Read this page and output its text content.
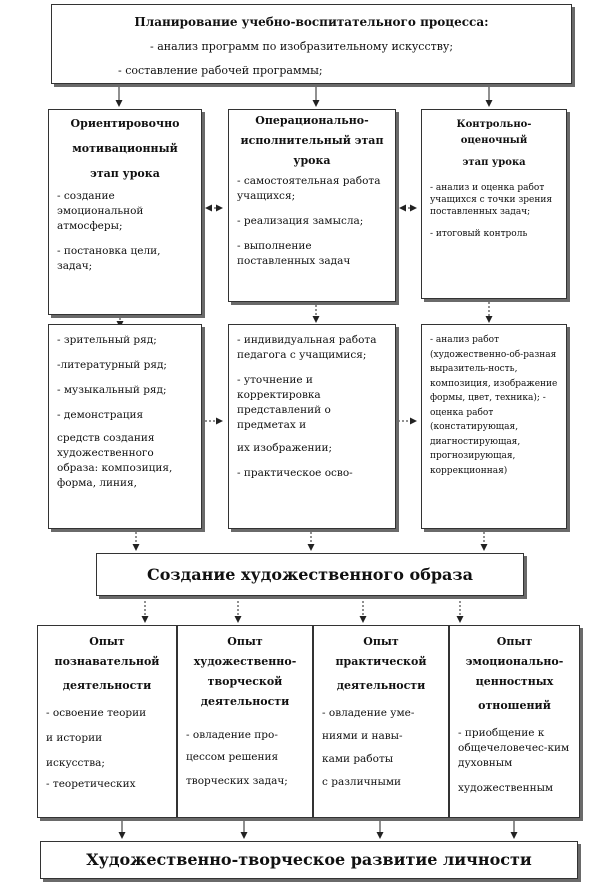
Планирование учебно-воспитательного процесса:
- анализ программ по изобразительному искусству;
- составление рабочей программы;
Ориентировочно
мотивационный
этап урока
- создание эмоциональной атмосферы;
- постановка цели, задач;
Операционально-
исполнительный этап
урока
- самостоятельная работа учащихся;
- реализация замысла;
- выполнение поставленных задач
Контрольно-
оценочный
этап урока
- анализ и оценка работ учащихся с точки зрения поставленных задач;
- итоговый контроль
- зрительный ряд;
-литературный ряд;
- музыкальный ряд;
- демонстрация
средств создания художественного образа: композиция, форма, линия,
- индивидуальная работа педагога с учащимися;
- уточнение и корректировка представлений о предметах и
их изображении;
- практическое осво-
- анализ работ (художественно-об-разная выразитель-ность, композиция, изображение формы, цвет, техника); -
оценка работ (констатирующая, диагностирующая, прогнозирующая, коррекционная)
Создание художественного образа
Опыт
познавательной
деятельности
- освоение теории
и истории
искусства;
- теоретических
Опыт
художественно-
творческой
деятельности
- овладение про-цессом решения
творческих задач;
Опыт
практической
деятельности
- овладение уме-
ниями и навы-
ками работы
с различными
Опыт
эмоционально-
ценностных
отношений
- приобщение к общечеловечес-ким духовным
художественным
Художественно-творческое развитие личности
